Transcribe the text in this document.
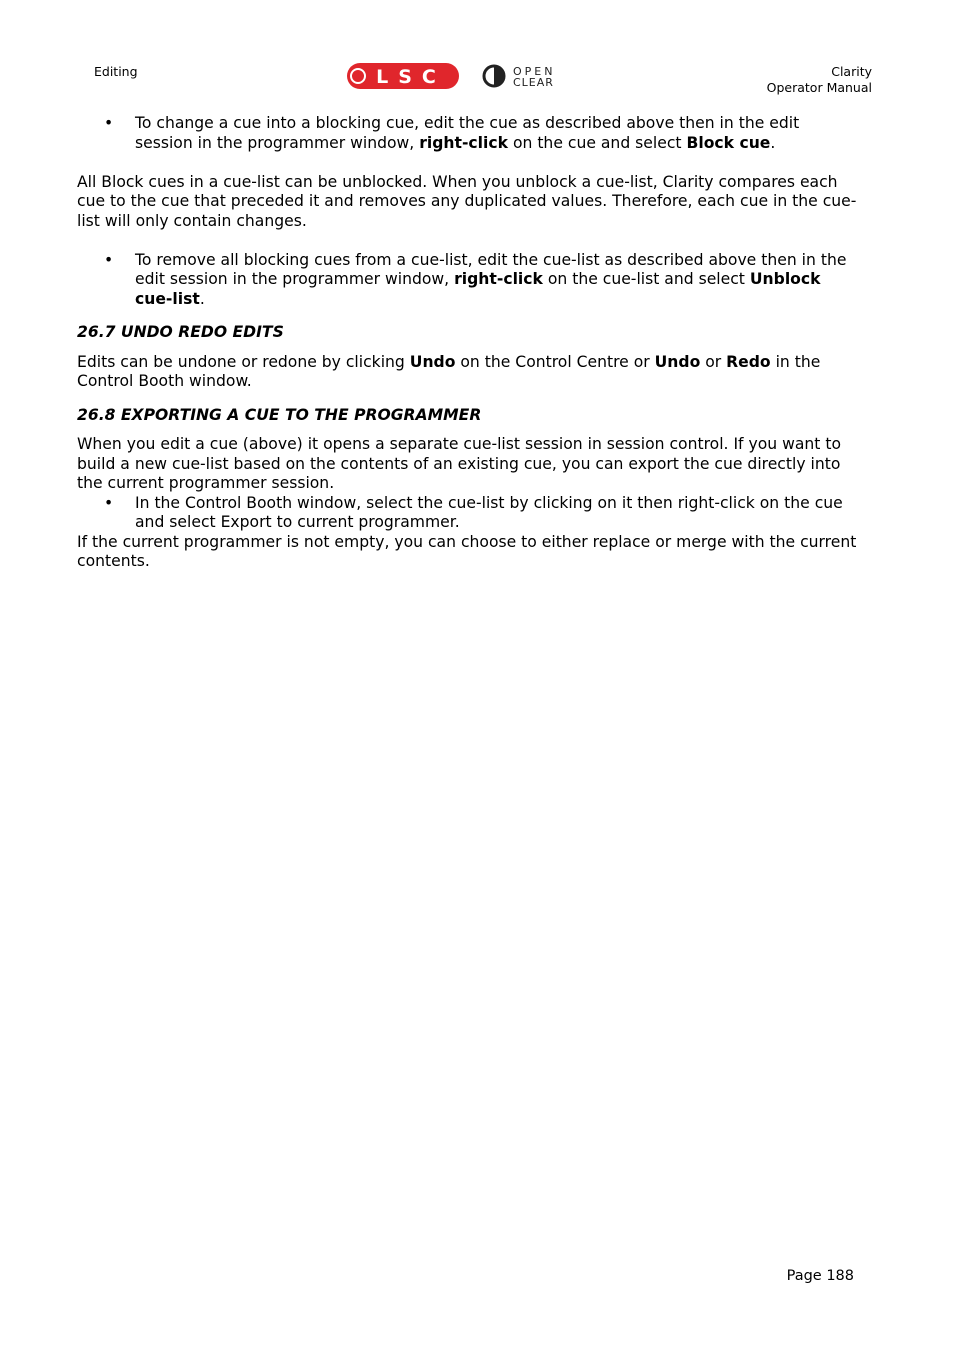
Editing	LSC	OPEN
CLEAR
Clarity
Operator Manual

• To change a cue into a blocking cue, edit the cue as described above then in the edit session in the programmer window, right-click on the cue and select Block cue.

All Block cues in a cue-list can be unblocked. When you unblock a cue-list, Clarity compares each cue to the cue that preceded it and removes any duplicated values. Therefore, each cue in the cue-list will only contain changes.

• To remove all blocking cues from a cue-list, edit the cue-list as described above then in the edit session in the programmer window, right-click on the cue-list and select Unblock cue-list.

26.7 UNDO REDO EDITS

Edits can be undone or redone by clicking Undo on the Control Centre or Undo or Redo in the Control Booth window.

26.8 EXPORTING A CUE TO THE PROGRAMMER

When you edit a cue (above) it opens a separate cue-list session in session control. If you want to build a new cue-list based on the contents of an existing cue, you can export the cue directly into the current programmer session.

• In the Control Booth window, select the cue-list by clicking on it then right-click on the cue and select Export to current programmer.

If the current programmer is not empty, you can choose to either replace or merge with the current contents.

Page 188
